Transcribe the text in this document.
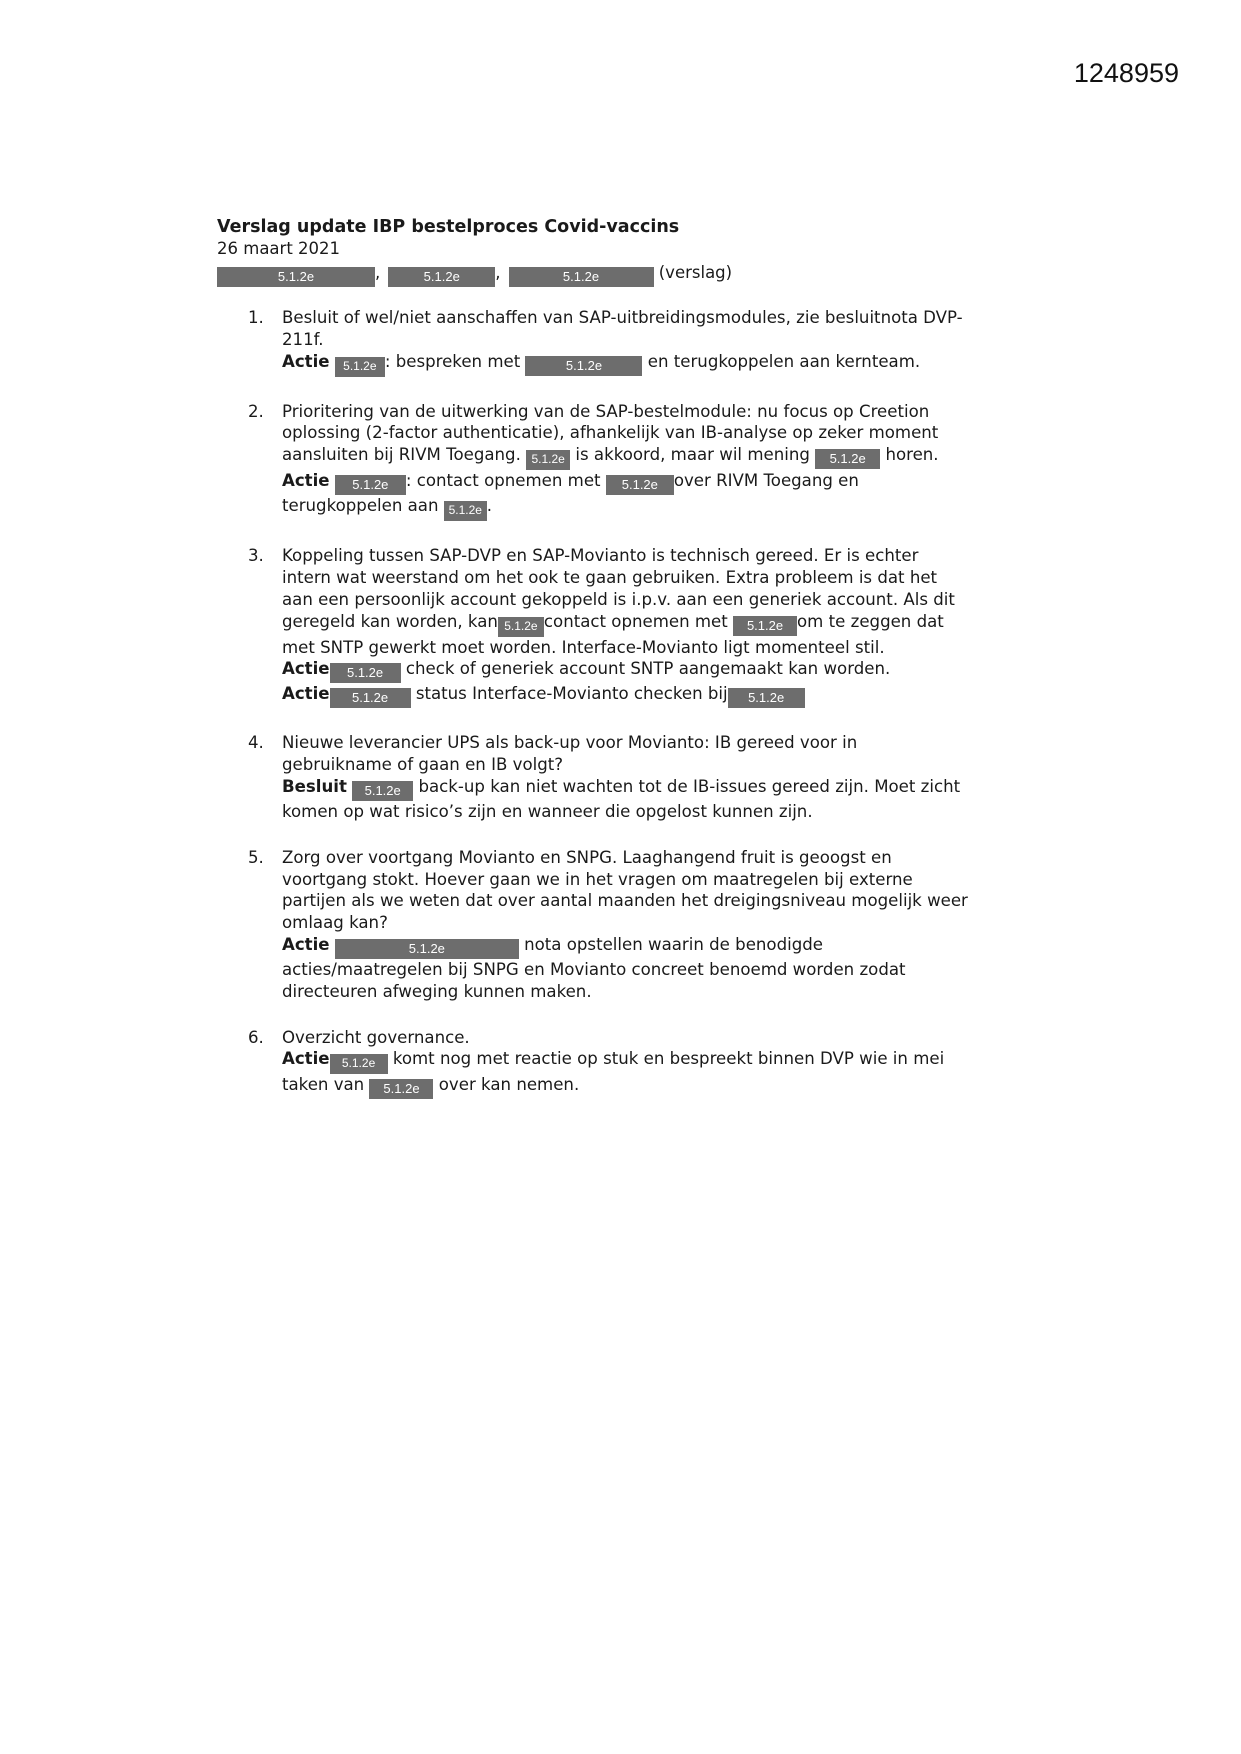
1248959
Verslag update IBP bestelproces Covid-vaccins
26 maart 2021
5.1.2e	,	5.1.2e ,	5.1.2e	(verslag)
1. Besluit of wel/niet aanschaffen van SAP-uitbreidingsmodules, zie besluitnota DVP-
211f.
Actie 5.1.2e : bespreken met	5.1.2e	en terugkoppelen aan kernteam.
2. Prioritering van de uitwerking van de SAP-bestelmodule: nu focus op Creetion
oplossing (2-factor authenticatie), afhankelijk van IB-analyse op zeker moment
aansluiten bij RIVM Toegang. 5.1.2e is akkoord, maar wil mening 5.1.2e horen.
Actie 5.1.2e : contact opnemen met 5.1.2e over RIVM Toegang en
terugkoppelen aan 5.1.2e .
3. Koppeling tussen SAP-DVP en SAP-Movianto is technisch gereed. Er is echter
intern wat weerstand om het ook te gaan gebruiken. Extra probleem is dat het
aan een persoonlijk account gekoppeld is i.p.v. aan een generiek account. Als dit
geregeld kan worden, kan 5.1.2e contact opnemen met 5.1.2e om te zeggen dat
met SNTP gewerkt moet worden. Interface-Movianto ligt momenteel stil.
Actie 5.1.2e check of generiek account SNTP aangemaakt kan worden.
Actie 5.1.2e status Interface-Movianto checken bij 5.1.2e
4. Nieuwe leverancier UPS als back-up voor Movianto: IB gereed voor in
gebruikname of gaan en IB volgt?
Besluit 5.1.2e back-up kan niet wachten tot de IB-issues gereed zijn. Moet zicht
komen op wat risico’s zijn en wanneer die opgelost kunnen zijn.
5. Zorg over voortgang Movianto en SNPG. Laaghangend fruit is geoogst en
voortgang stokt. Hoever gaan we in het vragen om maatregelen bij externe
partijen als we weten dat over aantal maanden het dreigingsniveau mogelijk weer
omlaag kan?
Actie	5.1.2e	nota opstellen waarin de benodigde
acties/maatregelen bij SNPG en Movianto concreet benoemd worden zodat
directeuren afweging kunnen maken.
6. Overzicht governance.
Actie 5.1.2e komt nog met reactie op stuk en bespreekt binnen DVP wie in mei
taken van 5.1.2e over kan nemen.
